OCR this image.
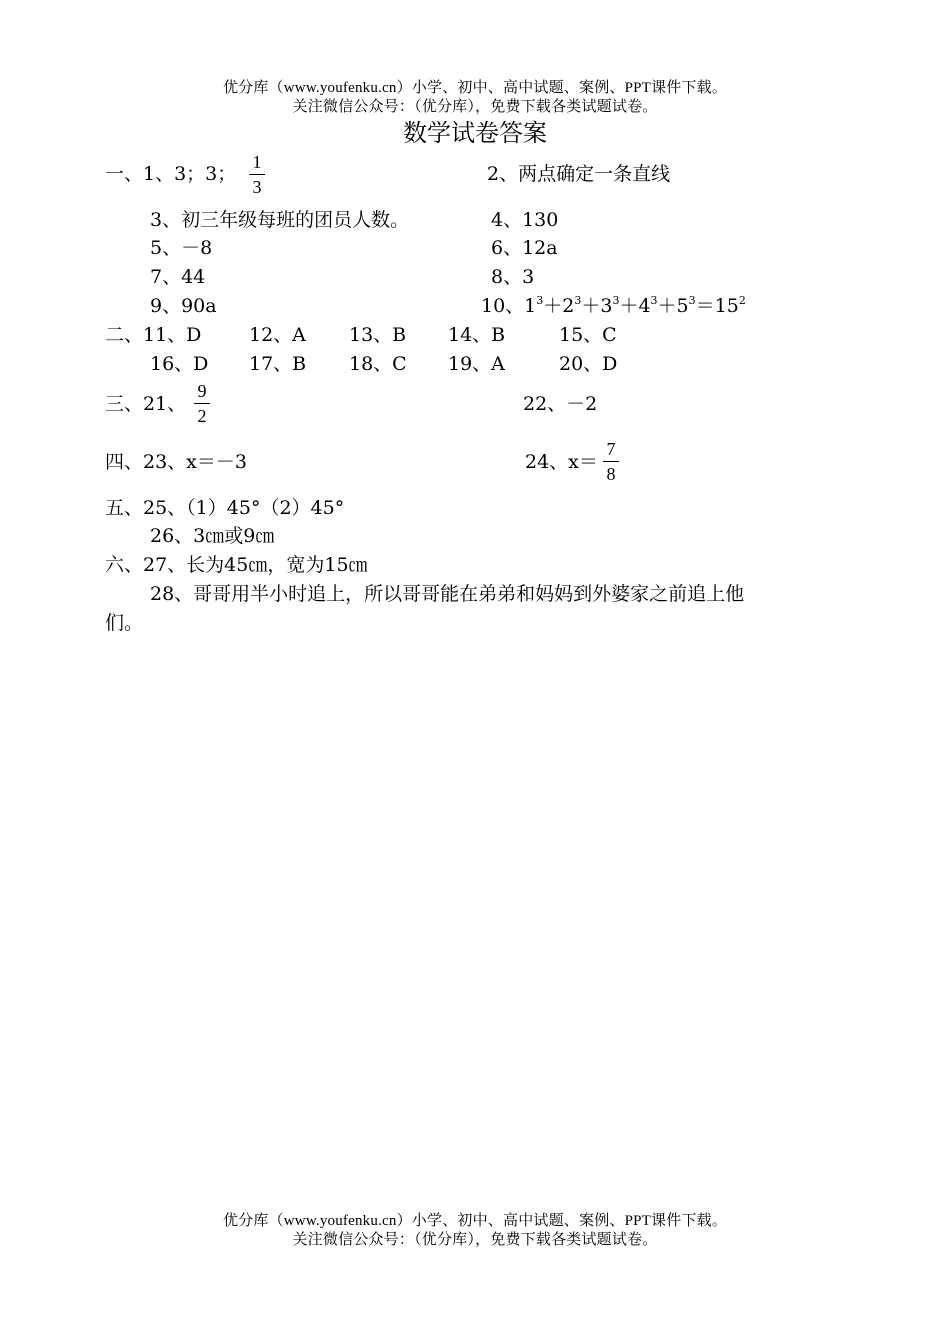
优分库（www.youfenku.cn）小学、初中、高中试题、案例、PPT课件下载。
关注微信公众号：（优分库），免费下载各类试题试卷。
数学试卷答案
一、1、3；3；
1
3
2、两点确定一条直线
3、初三年级每班的团员人数。	4、130
5、－8	6、12a
7、44	8、3
9、90a	10、$1^3+2^3+3^3+4^3+5^3=15^2$
二、11、D	12、A 13、B 14、B	15、C
16、D 17、B 18、C 19、A	20、D
三、21、
9
2
22、－2
四、23、x＝－3	24、x＝
7
8
五、25、（1）45°（2）45°
26、3㎝或9㎝
六、27、长为45㎝，宽为15㎝
28、哥哥用半小时追上，所以哥哥能在弟弟和妈妈到外婆家之前追上他
们。
优分库（www.youfenku.cn）小学、初中、高中试题、案例、PPT课件下载。
关注微信公众号：（优分库），免费下载各类试题试卷。
